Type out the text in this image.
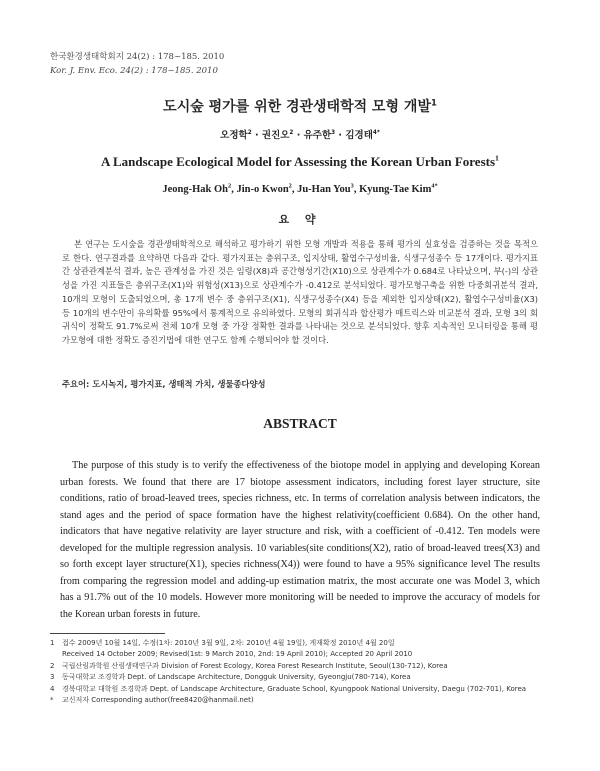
한국환경생태학회지 24(2) : 178~185. 2010
Kor. J. Env. Eco. 24(2) : 178~185. 2010
도시숲 평가를 위한 경관생태학적 모형 개발$^1$
오정학$^2$ · 권진오$^2$ · 유주한$^3$ · 김경태$^{4*}$
A Landscape Ecological Model for Assessing the Korean Urban Forests$^1$
Jeong-Hak Oh$^2$, Jin-o Kwon$^2$, Ju-Han You$^3$, Kyung-Tae Kim$^{4*}$
요 약

본 연구는 도시숲을 경관생태학적으로 해석하고 평가하기 위한 모형 개발과 적용을 통해 평가의 실효성을 검증하는 것을 목적으로 한다. 연구결과를 요약하면 다음과 같다. 평가지표는 층위구조, 입지상태, 활엽수구성비율, 식생구성종수 등 17개이다. 평가지표 간 상관관계분석 결과, 높은 관계성을 가진 것은 임령(X8)과 공간형성기간(X10)으로 상관계수가 0.684로 나타났으며, 부(-)의 상관성을 가진 지표들은 층위구조(X1)와 위험성(X13)으로 상관계수가 -0.412로 분석되었다. 평가모형구축을 위한 다중회귀분석 결과, 10개의 모형이 도출되었으며, 총 17개 변수 중 층위구조(X1), 식생구성종수(X4) 등을 제외한 입지상태(X2), 활엽수구성비율(X3) 등 10개의 변수만이 유의확률 95%에서 통계적으로 유의하였다. 모형의 회귀식과 합산평가 매트릭스와 비교분석 결과, 모형 3의 회귀식이 정확도 91.7%로써 전체 10개 모형 중 가장 정확한 결과를 나타내는 것으로 분석되었다. 향후 지속적인 모니터링을 통해 평가모형에 대한 정확도 증진기법에 대한 연구도 함께 수행되어야 할 것이다.

주요어: 도시녹지, 평가지표, 생태적 가치, 생물종다양성
ABSTRACT

The purpose of this study is to verify the effectiveness of the biotope model in applying and developing Korean urban forests. We found that there are 17 biotope assessment indicators, including forest layer structure, site conditions, ratio of broad-leaved trees, species richness, etc. In terms of correlation analysis between indicators, the stand ages and the period of space formation have the highest relativity(coefficient 0.684). On the other hand, indicators that have negative relativity are layer structure and risk, with a coefficient of -0.412. Ten models were developed for the multiple regression analysis. 10 variables(site conditions(X2), ratio of broad-leaved trees(X3) and so forth except layer structure(X1), species richness(X4)) were found to have a 95% significance level The results from comparing the regression model and adding-up estimation matrix, the most accurate one was Model 3, which has a 91.7% out of the 10 models. However more monitoring will be needed to improve the accuracy of models for the Korean urban forests in future.

1	접수 2009년 10월 14일, 수정(1차: 2010년 3월 9일, 2차: 2010년 4월 19일), 게재확정 2010년 4월 20일
Received 14 October 2009; Revised(1st: 9 March 2010, 2nd: 19 April 2010); Accepted 20 April 2010
2	국립산림과학원 산림생태연구과 Division of Forest Ecology, Korea Forest Research Institute, Seoul(130-712), Korea
3	동국대학교 조경학과 Dept. of Landscape Architecture, Dongguk University, Gyeongju(780-714), Korea
4	경북대학교 대학원 조경학과 Dept. of Landscape Architecture, Graduate School, Kyungpook National University, Daegu (702-701), Korea
*	교신저자 Corresponding author(free8420@hanmail.net)
